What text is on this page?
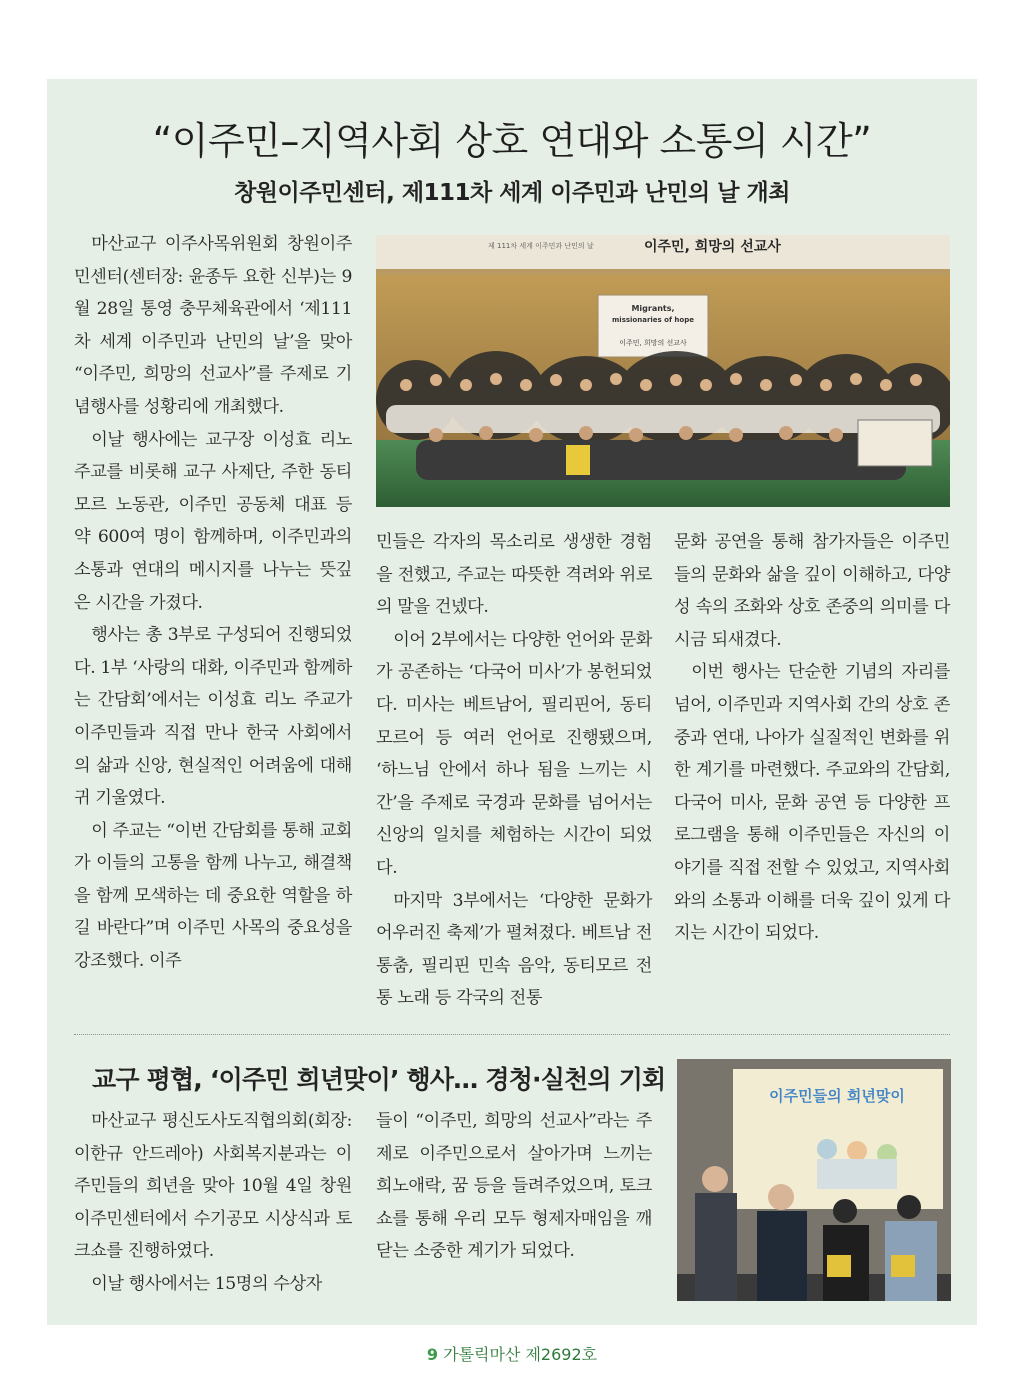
“이주민–지역사회 상호 연대와 소통의 시간”
창원이주민센터, 제111차 세계 이주민과 난민의 날 개최

마산교구 이주사목위원회 창원이주민센터(센터장: 윤종두 요한 신부)는 9월 28일 통영 충무체육관에서 ‘제111차 세계 이주민과 난민의 날’을 맞아 “이주민, 희망의 선교사”를 주제로 기념행사를 성황리에 개최했다.

이날 행사에는 교구장 이성효 리노 주교를 비롯해 교구 사제단, 주한 동티모르 노동관, 이주민 공동체 대표 등 약 600여 명이 함께하며, 이주민과의 소통과 연대의 메시지를 나누는 뜻깊은 시간을 가졌다.

행사는 총 3부로 구성되어 진행되었다. 1부 ‘사랑의 대화, 이주민과 함께하는 간담회’에서는 이성효 리노 주교가 이주민들과 직접 만나 한국 사회에서의 삶과 신앙, 현실적인 어려움에 대해 귀 기울였다.

이 주교는 “이번 간담회를 통해 교회가 이들의 고통을 함께 나누고, 해결책을 함께 모색하는 데 중요한 역할을 하길 바란다”며 이주민 사목의 중요성을 강조했다. 이주

제 111차 세계 이주민과 난민의 날	이주민, 희망의 선교사
Migrants,
missionaries of hope
이주민, 희망의 선교사

민들은 각자의 목소리로 생생한 경험을 전했고, 주교는 따뜻한 격려와 위로의 말을 건넸다.

이어 2부에서는 다양한 언어와 문화가 공존하는 ‘다국어 미사’가 봉헌되었다. 미사는 베트남어, 필리핀어, 동티모르어 등 여러 언어로 진행됐으며, ‘하느님 안에서 하나 됨을 느끼는 시간’을 주제로 국경과 문화를 넘어서는 신앙의 일치를 체험하는 시간이 되었다.

마지막 3부에서는 ‘다양한 문화가 어우러진 축제’가 펼쳐졌다. 베트남 전통춤, 필리핀 민속 음악, 동티모르 전통 노래 등 각국의 전통

문화 공연을 통해 참가자들은 이주민들의 문화와 삶을 깊이 이해하고, 다양성 속의 조화와 상호 존중의 의미를 다시금 되새겼다.

이번 행사는 단순한 기념의 자리를 넘어, 이주민과 지역사회 간의 상호 존중과 연대, 나아가 실질적인 변화를 위한 계기를 마련했다. 주교와의 간담회, 다국어 미사, 문화 공연 등 다양한 프로그램을 통해 이주민들은 자신의 이야기를 직접 전할 수 있었고, 지역사회와의 소통과 이해를 더욱 깊이 있게 다지는 시간이 되었다.

교구 평협, ‘이주민 희년맞이’ 행사… 경청·실천의 기회

마산교구 평신도사도직협의회(회장: 이한규 안드레아) 사회복지분과는 이주민들의 희년을 맞아 10월 4일 창원이주민센터에서 수기공모 시상식과 토크쇼를 진행하였다.

이날 행사에서는 15명의 수상자

들이 “이주민, 희망의 선교사”라는 주제로 이주민으로서 살아가며 느끼는 희노애락, 꿈 등을 들려주었으며, 토크쇼를 통해 우리 모두 형제자매임을 깨닫는 소중한 계기가 되었다.

이주민들의 희년맞이
9 가톨릭마산 제2692호
